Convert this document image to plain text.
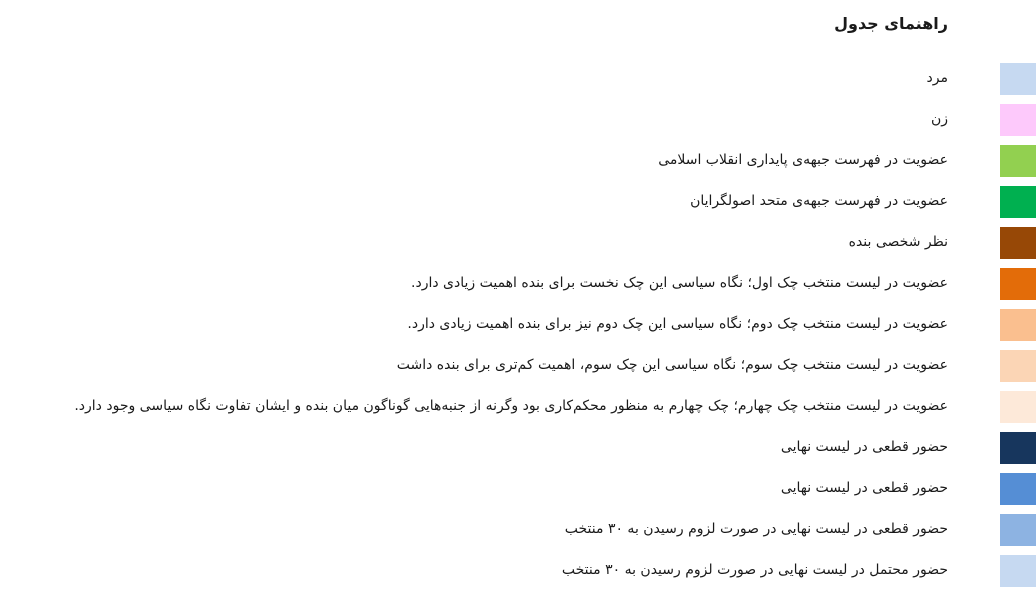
راهنمای جدول
مرد
زن
عضویت در فهرست جبهه‌ی پایداری انقلاب اسلامی
عضویت در فهرست جبهه‌ی متحد اصولگرایان
نظر شخصی بنده
عضویت در لیست منتخب چک اول؛ نگاه سیاسی این چک نخست برای بنده اهمیت زیادی دارد.
عضویت در لیست منتخب چک دوم؛ نگاه سیاسی این چک دوم نیز برای بنده اهمیت زیادی دارد.
عضویت در لیست منتخب چک سوم؛ نگاه سیاسی این چک سوم، اهمیت کم‌تری برای بنده داشت
عضویت در لیست منتخب چک چهارم؛ چک چهارم به منظور محکم‌کاری بود وگرنه از جنبه‌هایی گوناگون میان بنده و ایشان تفاوت نگاه سیاسی وجود دارد.
حضور قطعی در لیست نهایی
حضور قطعی در لیست نهایی
حضور قطعی در لیست نهایی در صورت لزوم رسیدن به ۳۰ منتخب
حضور محتمل در لیست نهایی در صورت لزوم رسیدن به ۳۰ منتخب
